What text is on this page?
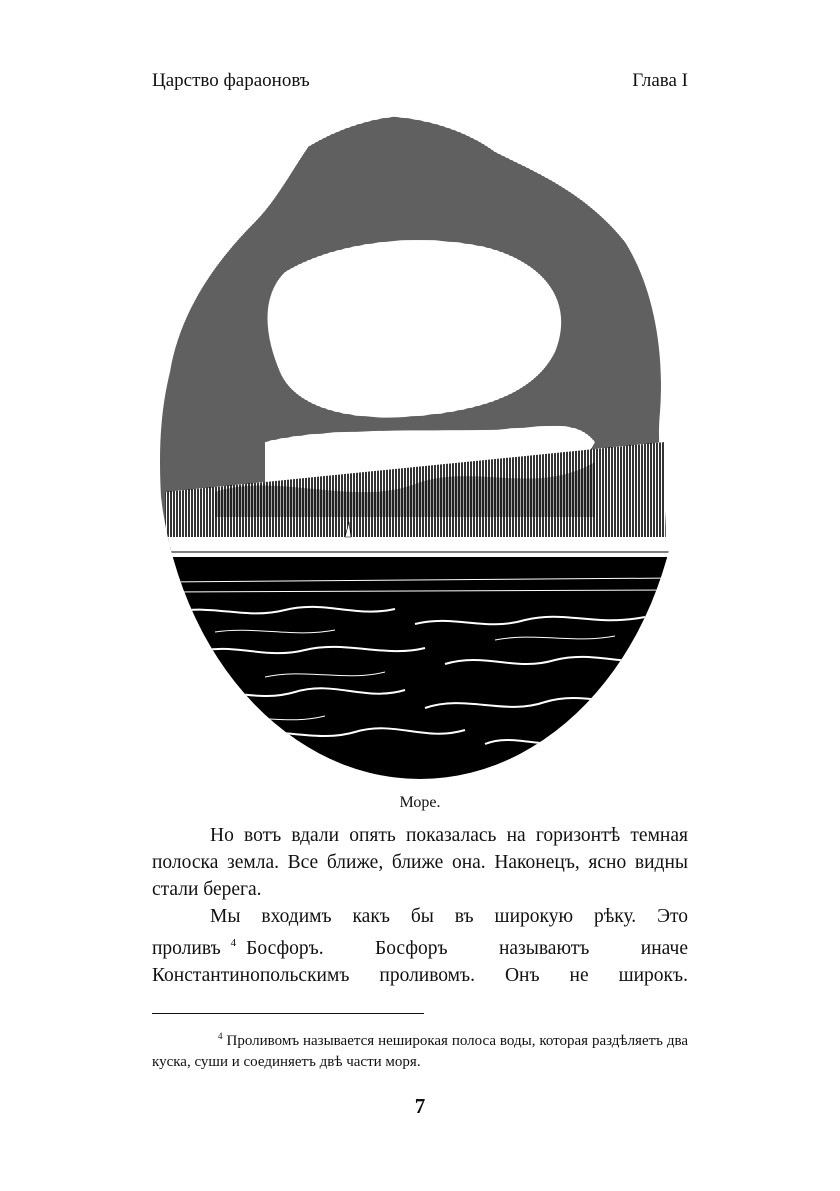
Царство фараоновъ	Глава I
Море.

Но вотъ вдали опять показалась на горизонтѣ темная полоска земла. Все ближе, ближе она. Наконецъ, ясно видны стали берега.

Мы входимъ какъ бы въ широкую рѣку. Это проливъ $^4$ Босфоръ. Босфоръ называютъ иначе Константинопольскимъ проливомъ. Онъ не широкъ.

$^4$ Проливомъ называется неширокая полоса воды, которая раздѣляетъ два куска, суши и соединяетъ двѣ части моря.

7
